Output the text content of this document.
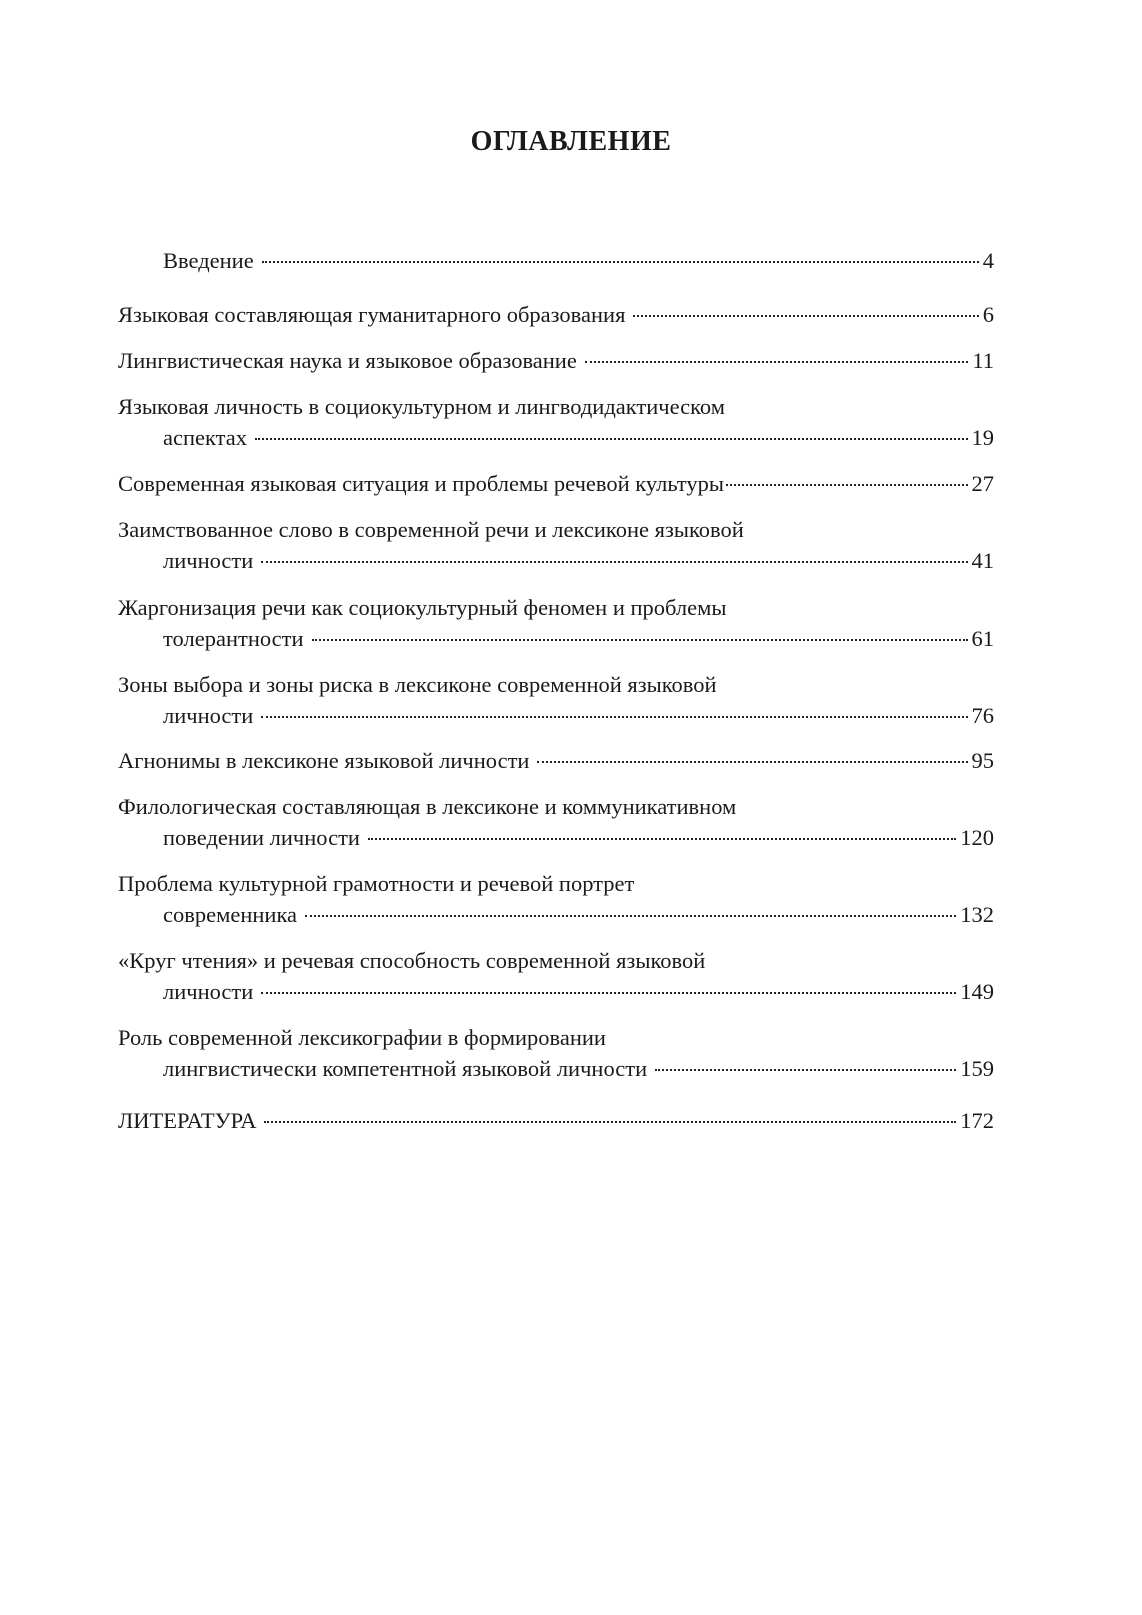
ОГЛАВЛЕНИЕ
Введение	4
Языковая составляющая гуманитарного образования	6
Лингвистическая наука и языковое образование	11
Языковая личность в социокультурном и лингводидактическом
аспектах	19
Современная языковая ситуация и проблемы речевой культуры	27
Заимствованное слово в современной речи и лексиконе языковой
личности	41
Жаргонизация речи как социокультурный феномен и проблемы
толерантности	61
Зоны выбора и зоны риска в лексиконе современной языковой
личности	76
Агнонимы в лексиконе языковой личности	95
Филологическая составляющая в лексиконе и коммуникативном
поведении личности	120
Проблема культурной грамотности и речевой портрет
современника	132
«Круг чтения» и речевая способность современной языковой
личности	149
Роль современной лексикографии в формировании
лингвистически компетентной языковой личности	159
ЛИТЕРАТУРА	172
